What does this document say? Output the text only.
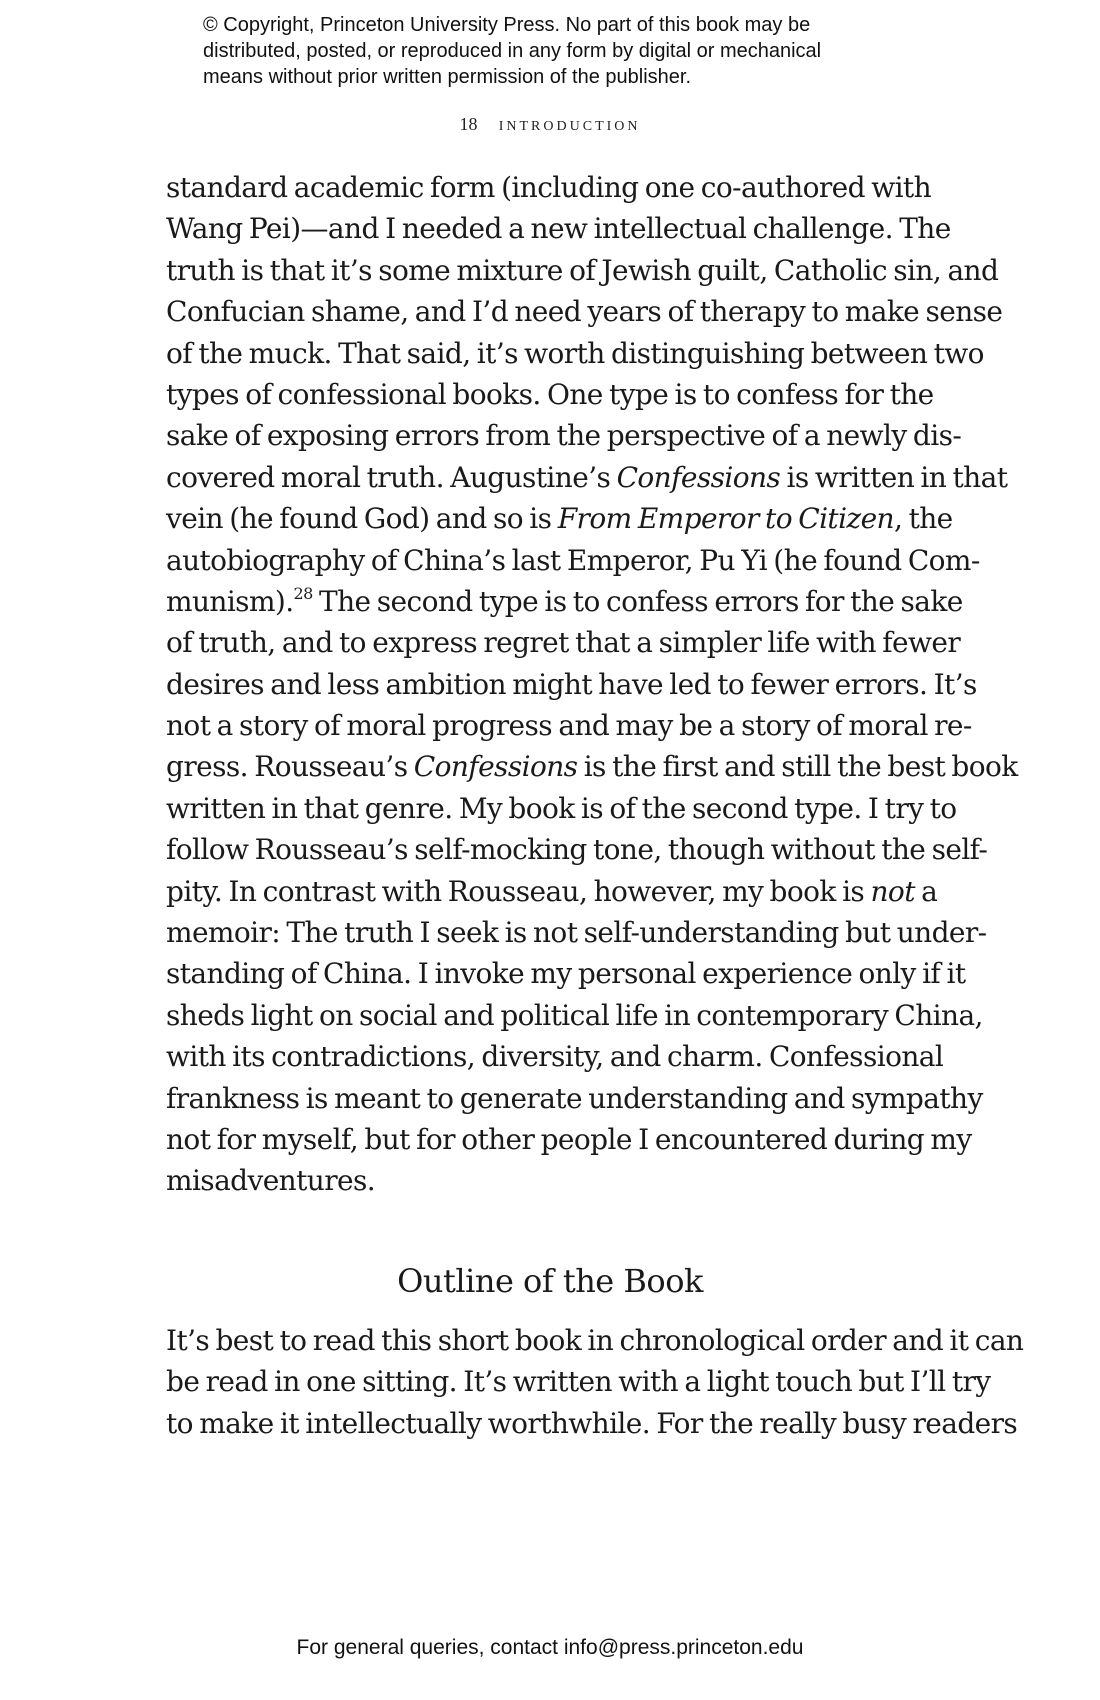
© Copyright, Princeton University Press. No part of this book may be
distributed, posted, or reproduced in any form by digital or mechanical
means without prior written permission of the publisher.
18 introduction
standard academic form (including one co-authored with
Wang Pei)—and I needed a new intellectual challenge. The
truth is that it’s some mixture of Jewish guilt, Catholic sin, and
Confucian shame, and I’d need years of therapy to make sense
of the muck. That said, it’s worth distinguishing between two
types of confessional books. One type is to confess for the
sake of exposing errors from the perspective of a newly dis-
covered moral truth. Augustine’s Confessions is written in that
vein (he found God) and so is From Emperor to Citizen, the
autobiography of China’s last Emperor, Pu Yi (he found Com-
munism).$^{28}$ The second type is to confess errors for the sake
of truth, and to express regret that a simpler life with fewer
desires and less ambition might have led to fewer errors. It’s
not a story of moral progress and may be a story of moral re-
gress. Rousseau’s Confessions is the first and still the best book
written in that genre. My book is of the second type. I try to
follow Rousseau’s self-mocking tone, though without the self-
pity. In contrast with Rousseau, however, my book is not a
memoir: The truth I seek is not self-understanding but under-
standing of China. I invoke my personal experience only if it
sheds light on social and political life in contemporary China,
with its contradictions, diversity, and charm. Confessional
frankness is meant to generate understanding and sympathy
not for myself, but for other people I encountered during my
misadventures.
Outline of the Book
It’s best to read this short book in chronological order and it can
be read in one sitting. It’s written with a light touch but I’ll try
to make it intellectually worthwhile. For the really busy readers
For general queries, contact info@press.princeton.edu
